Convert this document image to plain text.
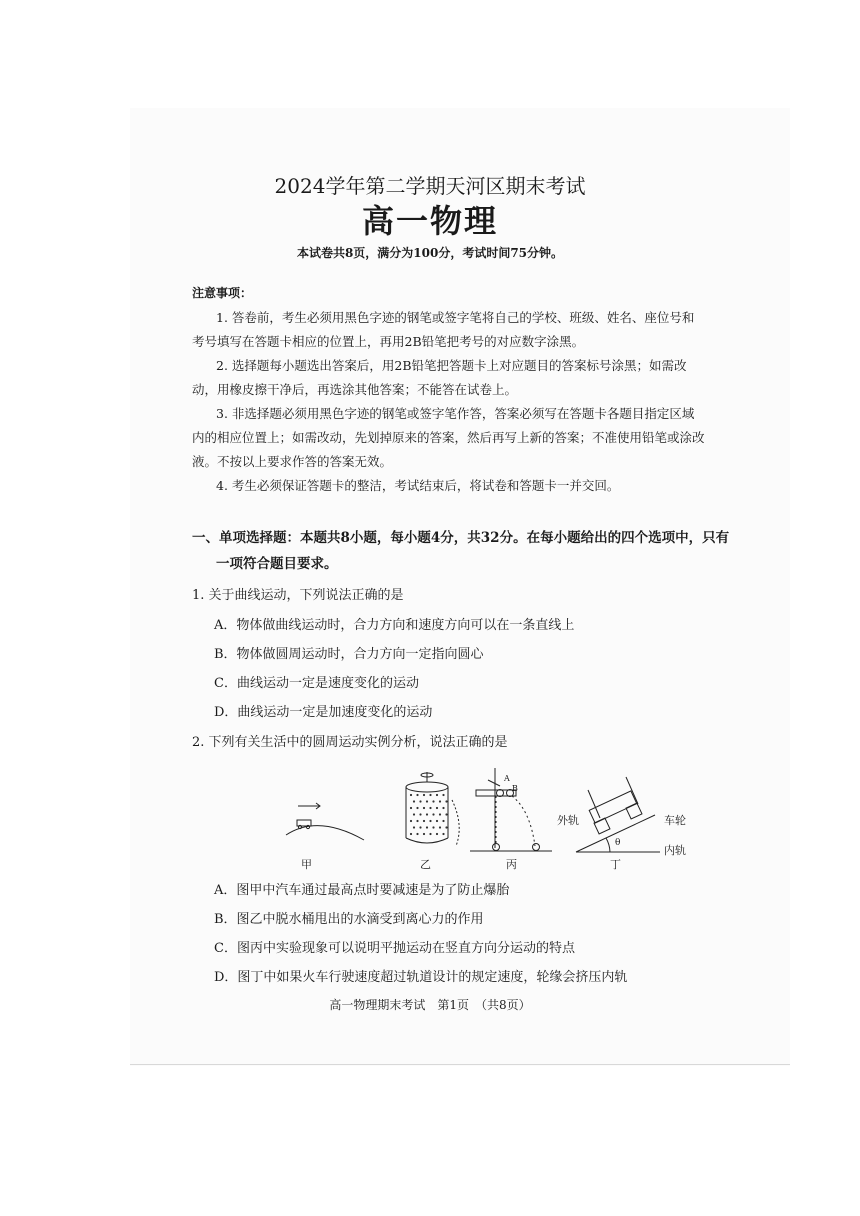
2024学年第二学期天河区期末考试
高一物理
本试卷共8页，满分为100分，考试时间75分钟。
注意事项：
1. 答卷前，考生必须用黑色字迹的钢笔或签字笔将自己的学校、班级、姓名、座位号和
考号填写在答题卡相应的位置上，再用2B铅笔把考号的对应数字涂黑。
2. 选择题每小题选出答案后，用2B铅笔把答题卡上对应题目的答案标号涂黑；如需改
动，用橡皮擦干净后，再选涂其他答案；不能答在试卷上。
3. 非选择题必须用黑色字迹的钢笔或签字笔作答，答案必须写在答题卡各题目指定区域
内的相应位置上；如需改动，先划掉原来的答案，然后再写上新的答案；不准使用铅笔或涂改
液。不按以上要求作答的答案无效。
4. 考生必须保证答题卡的整洁，考试结束后，将试卷和答题卡一并交回。
一、单项选择题：本题共8小题，每小题4分，共32分。在每小题给出的四个选项中，只有
一项符合题目要求。
1. 关于曲线运动，下列说法正确的是
A．物体做曲线运动时，合力方向和速度方向可以在一条直线上
B．物体做圆周运动时，合力方向一定指向圆心
C．曲线运动一定是速度变化的运动
D．曲线运动一定是加速度变化的运动
2. 下列有关生活中的圆周运动实例分析，说法正确的是
甲	乙	丙	丁
外轨	车轮
内轨
θ
A
B
A．图甲中汽车通过最高点时要减速是为了防止爆胎
B．图乙中脱水桶甩出的水滴受到离心力的作用
C．图丙中实验现象可以说明平抛运动在竖直方向分运动的特点
D．图丁中如果火车行驶速度超过轨道设计的规定速度，轮缘会挤压内轨
高一物理期末考试　第1页　（共8页）
